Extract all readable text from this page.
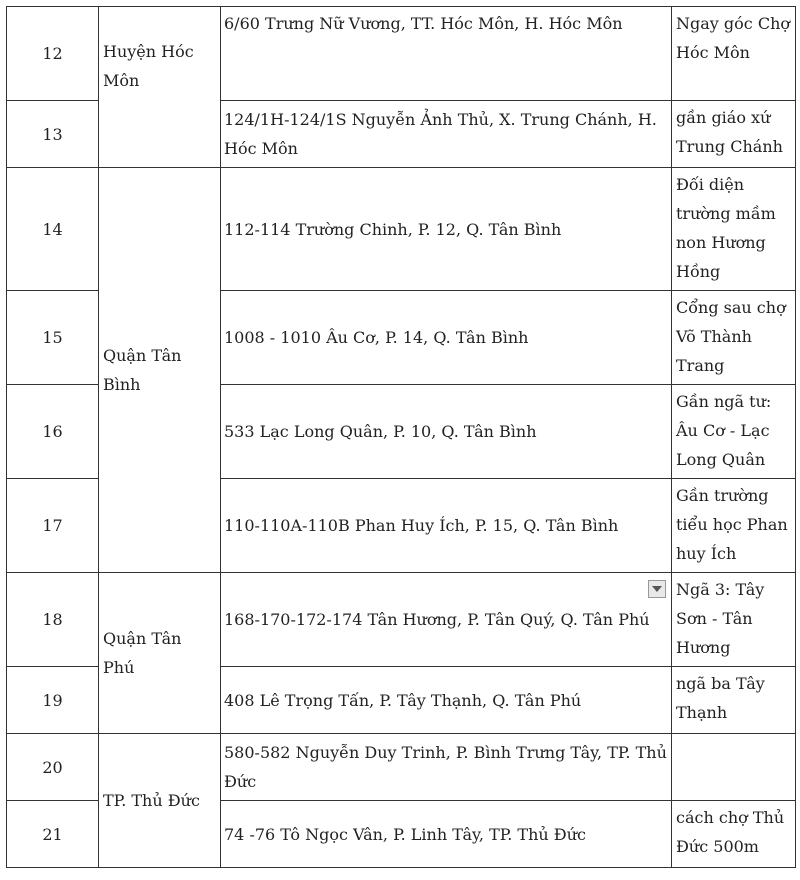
12	Huyện Hóc Môn	6/60 Trưng Nữ Vương, TT. Hóc Môn, H. Hóc Môn	Ngay góc Chợ Hóc Môn
13		124/1H-124/1S Nguyễn Ảnh Thủ, X. Trung Chánh, H. Hóc Môn	gần giáo xứ Trung Chánh
14	Quận Tân Bình	112-114 Trường Chinh, P. 12, Q. Tân Bình	Đối diện trường mầm non Hương Hồng
15		1008 - 1010 Âu Cơ, P. 14, Q. Tân Bình	Cổng sau chợ Võ Thành Trang
16		533 Lạc Long Quân, P. 10, Q. Tân Bình	Gần ngã tư: Âu Cơ - Lạc Long Quân
17		110-110A-110B Phan Huy Ích, P. 15, Q. Tân Bình	Gần trường tiểu học Phan huy Ích
18	Quận Tân Phú	168-170-172-174 Tân Hương, P. Tân Quý, Q. Tân Phú	Ngã 3: Tây Sơn - Tân Hương
19		408 Lê Trọng Tấn, P. Tây Thạnh, Q. Tân Phú	ngã ba Tây Thạnh
20	TP. Thủ Đức	580-582 Nguyễn Duy Trinh, P. Bình Trưng Tây, TP. Thủ Đức	
21		74 -76 Tô Ngọc Vân, P. Linh Tây, TP. Thủ Đức	cách chợ Thủ Đức 500m
